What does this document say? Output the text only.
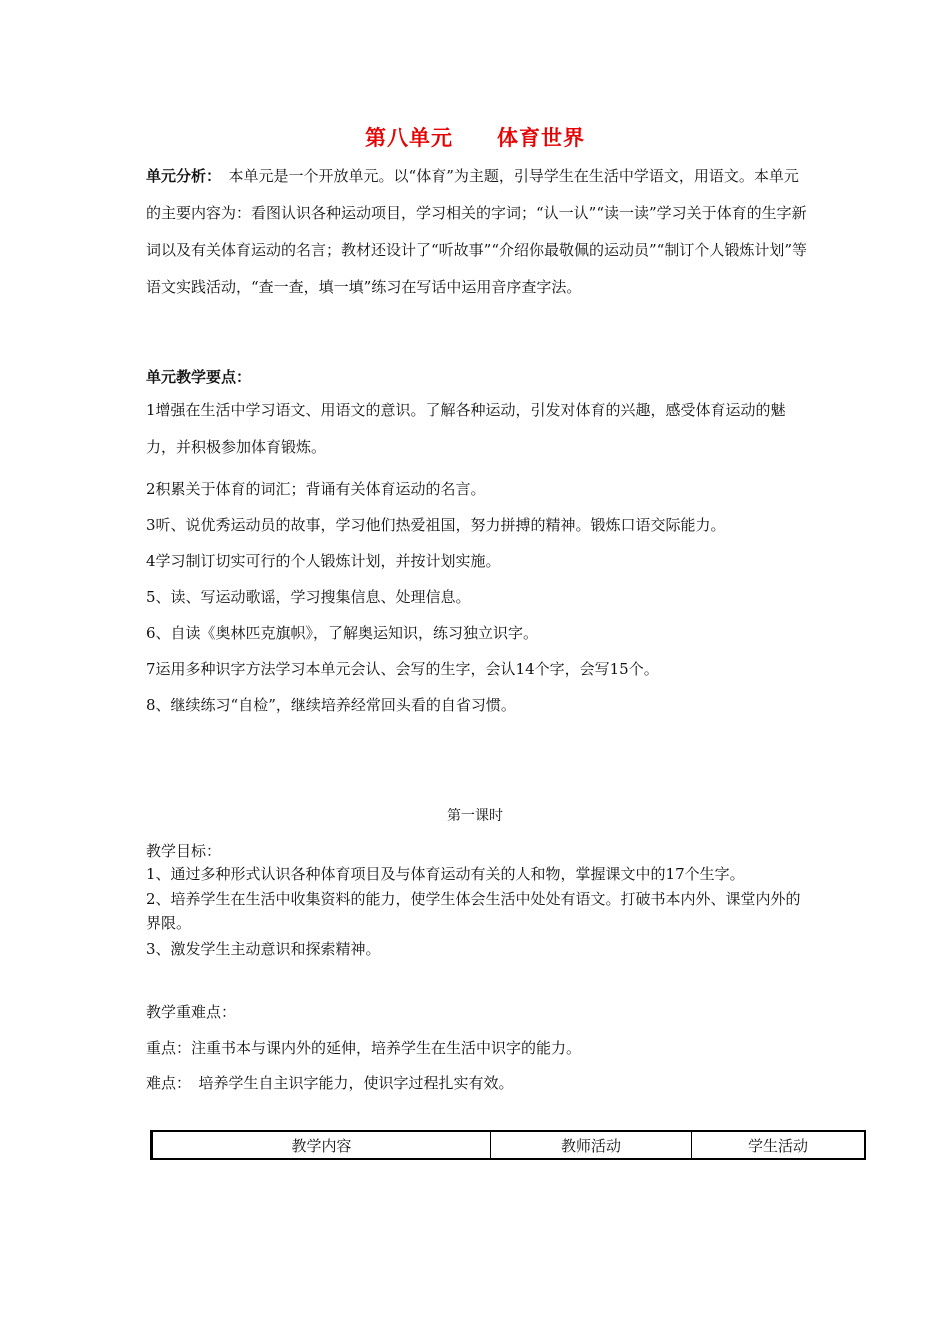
第八单元 体育世界
单元分析：　 本单元是一个开放单元。以“体育”为主题，引导学生在生活中学语文，用语文。本单元的主要内容为：看图认识各种运动项目，学习相关的字词；“认一认”“读一读”学习关于体育的生字新词以及有关体育运动的名言；教材还设计了“听故事”“介绍你最敬佩的运动员”“制订个人锻炼计划”等语文实践活动，“查一查，填一填”练习在写话中运用音序查字法。
单元教学要点：
1增强在生活中学习语文、用语文的意识。了解各种运动，引发对体育的兴趣，感受体育运动的魅力，并积极参加体育锻炼。
2积累关于体育的词汇；背诵有关体育运动的名言。
3听、说优秀运动员的故事，学习他们热爱祖国，努力拼搏的精神。锻炼口语交际能力。
4学习制订切实可行的个人锻炼计划，并按计划实施。
5、读、写运动歌谣，学习搜集信息、处理信息。
6、自读《奥林匹克旗帜》，了解奥运知识，练习独立识字。
7运用多种识字方法学习本单元会认、会写的生字，会认14个字，会写15个。
8、继续练习“自检”，继续培养经常回头看的自省习惯。
第一课时
教学目标：
1、通过多种形式认识各种体育项目及与体育运动有关的人和物，掌握课文中的17个生字。
2、培养学生在生活中收集资料的能力，使学生体会生活中处处有语文。打破书本内外、课堂内外的界限。
3、激发学生主动意识和探索精神。
教学重难点：
重点：注重书本与课内外的延伸，培养学生在生活中识字的能力。
难点：　培养学生自主识字能力，使识字过程扎实有效。
教学内容	教师活动	学生活动
